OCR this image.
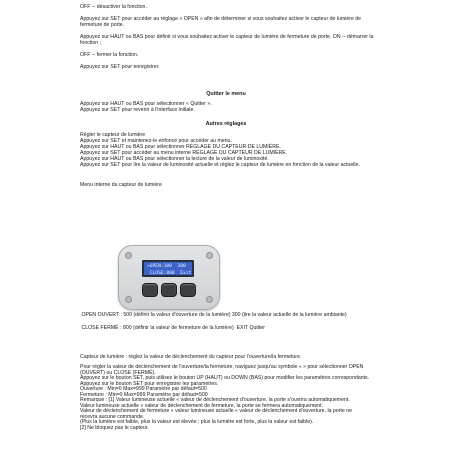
OFF -- désactiver la fonction.

Appuyez sur SET pour accéder au réglage « OPEN » afin de déterminer si vous souhaitez activer le capteur de lumière de fermeture de porte.

Appuyez sur HAUT ou BAS pour définir si vous souhaitez activer le capteur de lumière de fermeture de porte. ON -- démarrer la fonction ;

OFF -- fermer la fonction.

Appuyez sur SET pour enregistrer.

Quitter le menu

Appuyez sur HAUT ou BAS pour sélectionner « Quitter ».
Appuyez sur SET pour revenir à l'interface initiale.

Autres réglages

Régler le capteur de lumière
Appuyez sur SET et maintenez-le enfoncé pour accéder au menu.
Appuyez sur HAUT ou BAS pour sélectionner RÉGLAGE DU CAPTEUR DE LUMIÈRE.
Appuyez sur SET pour accéder au menu interne RÉGLAGE DU CAPTEUR DE LUMIÈRE.
Appuyez sur HAUT ou BAS pour sélectionner la lecture de la valeur de luminosité.
Appuyez sur SET pour lire la valeur de luminosité actuelle et réglez le capteur de lumière en fonction de la valeur actuelle.

Menu interne du capteur de lumière

»OPEN:100  300
CLOSE:800  Exit

OPEN OUVERT : 500 (définir la valeur d'ouverture de la lumière) 300 (lire la valeur actuelle de la lumière ambiante)

CLOSE FERMÉ : 800 (définir la valeur de fermeture de la lumière)  EXIT Quitter

Capteur de lumière : réglez la valeur de déclenchement du capteur pour l'ouverture/la fermeture.

Pour régler la valeur de déclenchement de l'ouverture/la fermeture, naviguez jusqu'au symbole « » pour sélectionner OPEN (OUVERT) ou CLOSE (FERMÉ).
Appuyez sur le bouton SET, puis utilisez le bouton UP (HAUT) ou DOWN (BAS) pour modifier les paramètres correspondants.
Appuyez sur le bouton SET pour enregistrer les paramètres.
Ouverture : Min=0 Max=999 Paramètre par défaut=500
Fermeture : Min=0 Max=999 Paramètre par défaut=500
Remarque : [1] Valeur lumineuse actuelle « valeur de déclenchement d'ouverture, la porte s'ouvrira automatiquement.
Valeur lumineuse actuelle » valeur de déclenchement de fermeture, la porte se fermera automatiquement.
Valeur de déclenchement de fermeture « valeur lumineuse actuelle « valeur de déclenchement d'ouverture, la porte ne recevra aucune commande.
(Plus la lumière est faible, plus la valeur est élevée ; plus la lumière est forte, plus la valeur est faible).
[2] Ne bloquez pas le capteur.
